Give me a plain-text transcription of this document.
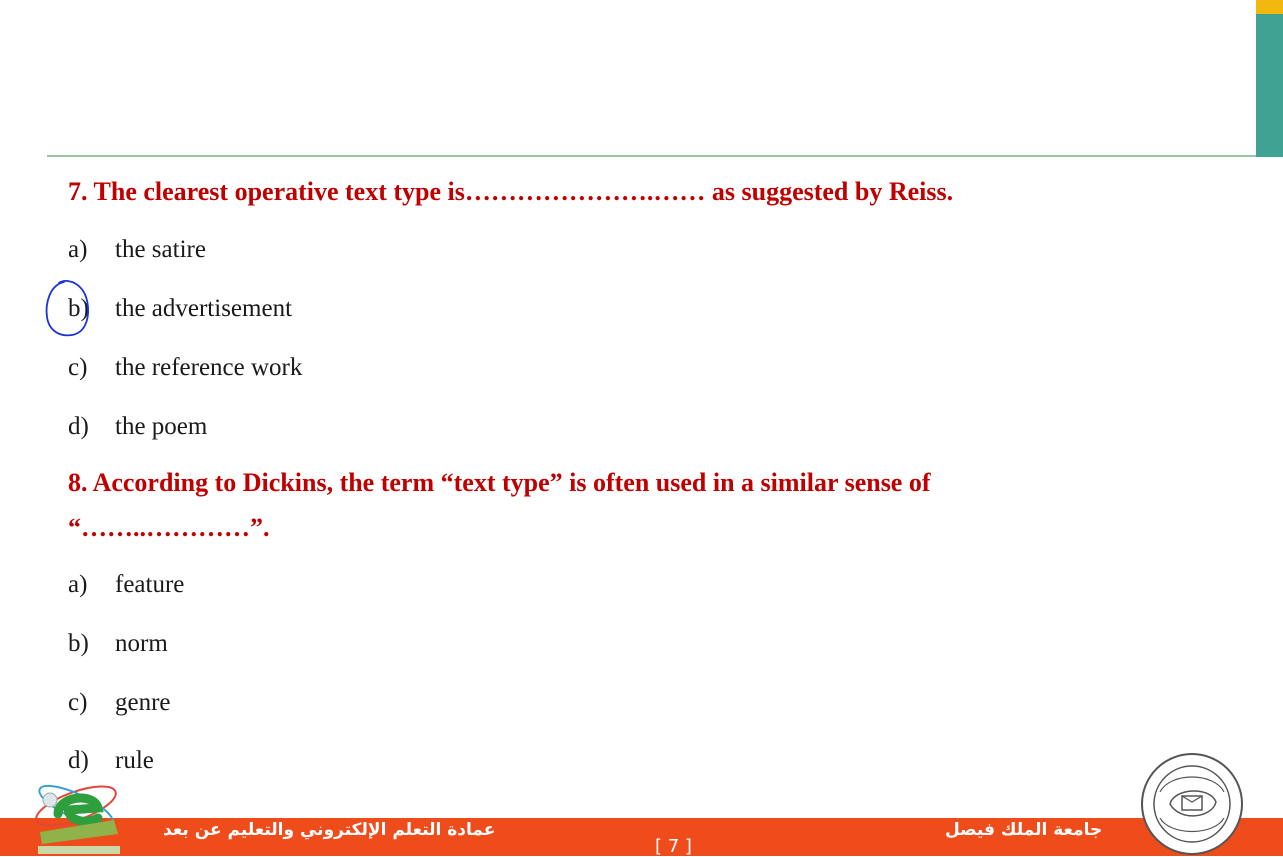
7. The clearest operative text type is………………….…… as suggested by Reiss.

a) the satire

b) the advertisement

c) the reference work

d) the poem

8. According to Dickins, the term “text type” is often used in a similar sense of

“……..…………”.

a) feature

b) norm

c) genre

d) rule

عمادة التعلم الإلكتروني والتعليم عن بعد
[ 7 ]
جامعة الملك فيصل
